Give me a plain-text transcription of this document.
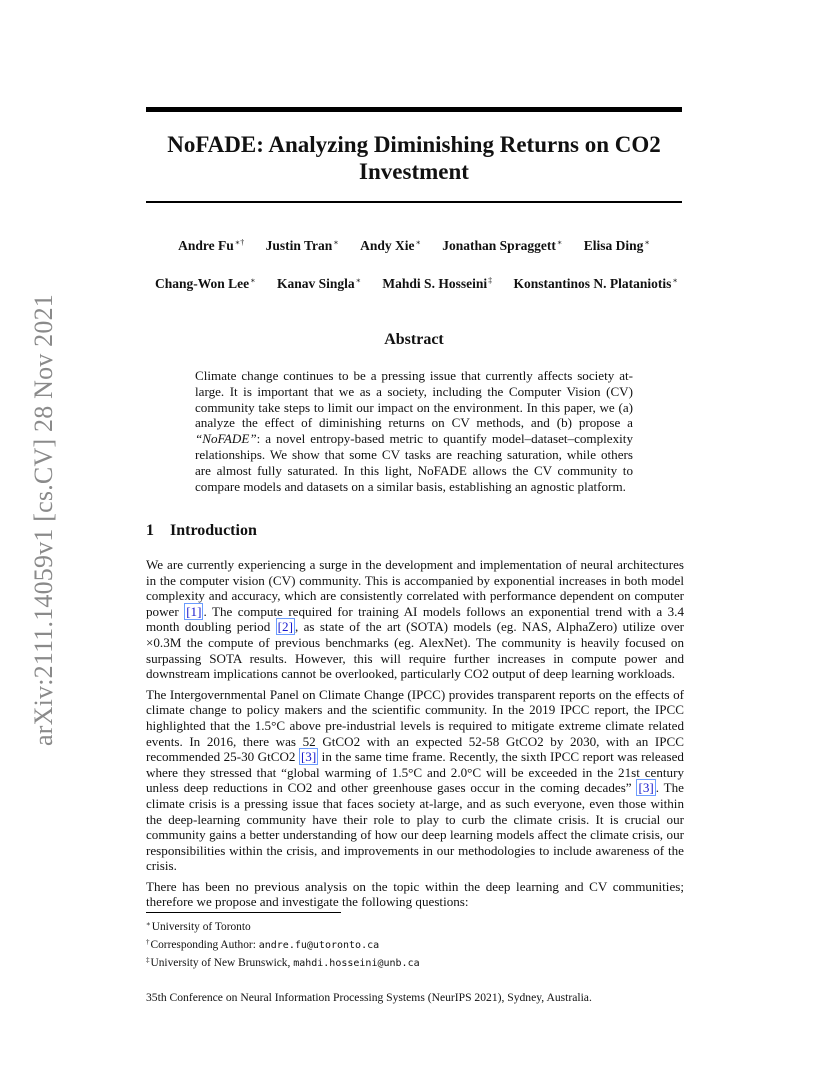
arXiv:2111.14059v1 [cs.CV] 28 Nov 2021
NoFADE: Analyzing Diminishing Returns on CO2
Investment
Andre Fu∗† Justin Tran∗ Andy Xie∗ Jonathan Spraggett∗ Elisa Ding∗
Chang-Won Lee∗ Kanav Singla∗ Mahdi S. Hosseini‡ Konstantinos N. Plataniotis∗
Abstract
Climate change continues to be a pressing issue that currently affects society at-large. It is important that we as a society, including the Computer Vision (CV) community take steps to limit our impact on the environment. In this paper, we (a) analyze the effect of diminishing returns on CV methods, and (b) propose a “NoFADE”: a novel entropy-based metric to quantify model–dataset–complexity relationships. We show that some CV tasks are reaching saturation, while others are almost fully saturated. In this light, NoFADE allows the CV community to compare models and datasets on a similar basis, establishing an agnostic platform.
1 Introduction

We are currently experiencing a surge in the development and implementation of neural architectures in the computer vision (CV) community. This is accompanied by exponential increases in both model complexity and accuracy, which are consistently correlated with performance dependent on computer power [1] . The compute required for training AI models follows an exponential trend with a 3.4 month doubling period [2] , as state of the art (SOTA) models (eg. NAS, AlphaZero) utilize over ×0.3M the compute of previous benchmarks (eg. AlexNet). The community is heavily focused on surpassing SOTA results. However, this will require further increases in compute power and downstream implications cannot be overlooked, particularly CO2 output of deep learning workloads.

The Intergovernmental Panel on Climate Change (IPCC) provides transparent reports on the effects of climate change to policy makers and the scientific community. In the 2019 IPCC report, the IPCC highlighted that the 1.5°C above pre-industrial levels is required to mitigate extreme climate related events. In 2016, there was 52 GtCO2 with an expected 52-58 GtCO2 by 2030, with an IPCC recommended 25-30 GtCO2 [3] in the same time frame. Recently, the sixth IPCC report was released where they stressed that “global warming of 1.5°C and 2.0°C will be exceeded in the 21st century unless deep reductions in CO2 and other greenhouse gases occur in the coming decades” [3] . The climate crisis is a pressing issue that faces society at-large, and as such everyone, even those within the deep-learning community have their role to play to curb the climate crisis. It is crucial our community gains a better understanding of how our deep learning models affect the climate crisis, our responsibilities within the crisis, and improvements in our methodologies to include awareness of the crisis.

There has been no previous analysis on the topic within the deep learning and CV communities; therefore we propose and investigate the following questions:

∗University of Toronto
†Corresponding Author: andre.fu@utoronto.ca
‡University of New Brunswick, mahdi.hosseini@unb.ca
35th Conference on Neural Information Processing Systems (NeurIPS 2021), Sydney, Australia.
